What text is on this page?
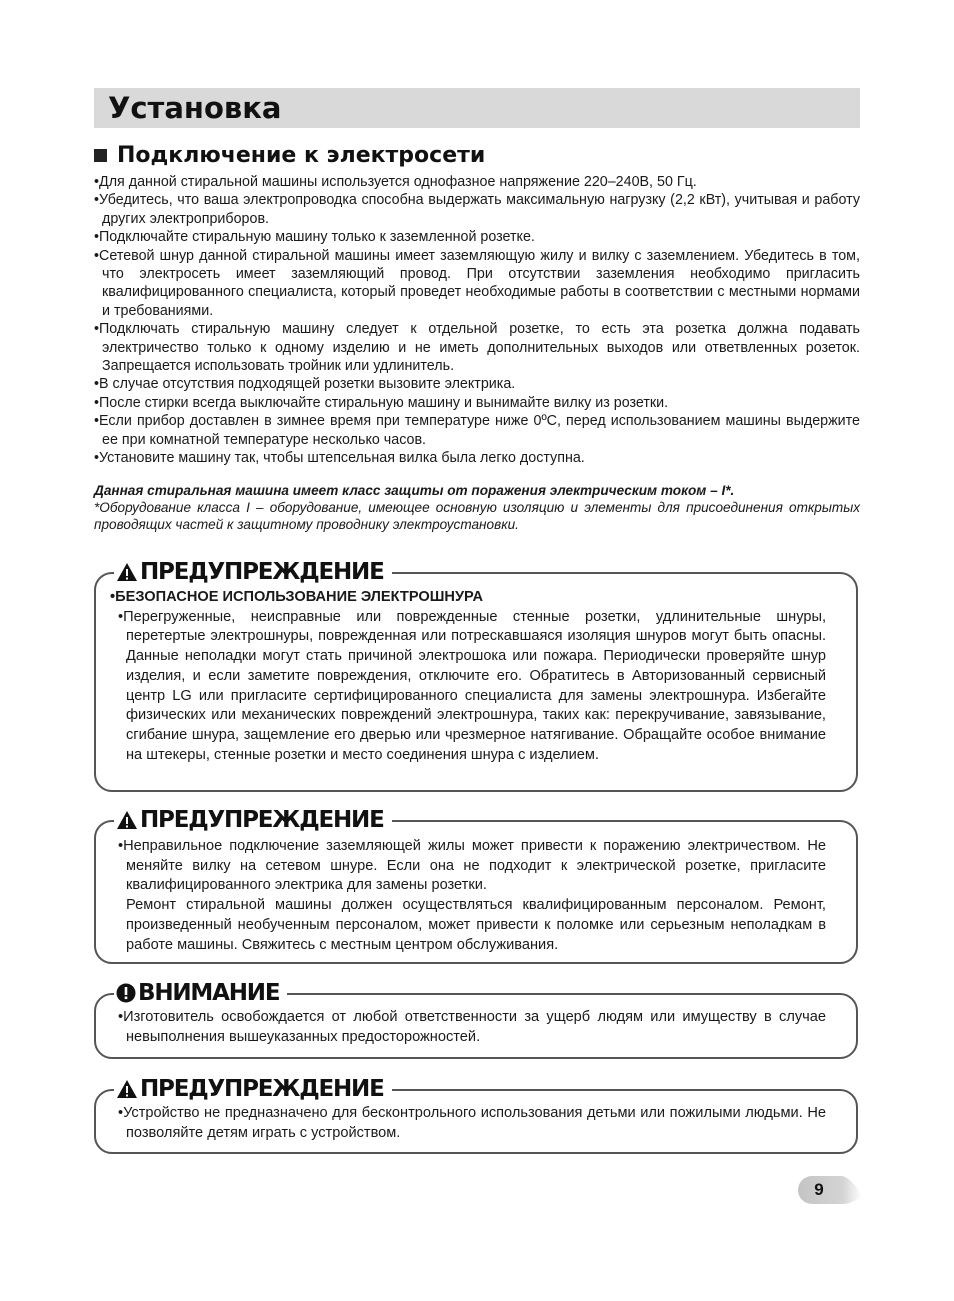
Установка
Подключение к электросети

• Для данной стиральной машины используется однофазное напряжение 220–240В, 50 Гц.

• Убедитесь, что ваша электропроводка способна выдержать максимальную нагрузку (2,2 кВт), учитывая и работу других электроприборов.

• Подключайте стиральную машину только к заземленной розетке.

• Сетевой шнур данной стиральной машины имеет заземляющую жилу и вилку с заземлением. Убедитесь в том, что электросеть имеет заземляющий провод. При отсутствии заземления необходимо пригласить квалифицированного специалиста, который проведет необходимые работы в соответствии с местными нормами и требованиями.

• Подключать стиральную машину следует к отдельной розетке, то есть эта розетка должна подавать электричество только к одному изделию и не иметь дополнительных выходов или ответвленных розеток. Запрещается использовать тройник или удлинитель.

• В случае отсутствия подходящей розетки вызовите электрика.

• После стирки всегда выключайте стиральную машину и вынимайте вилку из розетки.

• Если прибор доставлен в зимнее время при температуре ниже 0ºC, перед использованием машины выдержите ее при комнатной температуре несколько часов.

• Установите машину так, чтобы штепсельная вилка была легко доступна.

Данная стиральная машина имеет класс защиты от поражения электрическим током – I*.

*Оборудование класса I – оборудование, имеющее основную изоляцию и элементы для присоединения открытых проводящих частей к защитному проводнику электроустановки.

ПРЕДУПРЕЖДЕНИЕ

• БЕЗОПАСНОЕ ИСПОЛЬЗОВАНИЕ ЭЛЕКТРОШНУРА

• Перегруженные, неисправные или поврежденные стенные розетки, удлинительные шнуры, перетертые электрошнуры, поврежденная или потрескавшаяся изоляция шнуров могут быть опасны. Данные неполадки могут стать причиной электрошока или пожара. Периодически проверяйте шнур изделия, и если заметите повреждения, отключите его. Обратитесь в Авторизованный сервисный центр LG или пригласите сертифицированного специалиста для замены электрошнура. Избегайте физических или механических повреждений электрошнура, таких как: перекручивание, завязывание, сгибание шнура, защемление его дверью или чрезмерное натягивание. Обращайте особое внимание на штекеры, стенные розетки и место соединения шнура с изделием.

ПРЕДУПРЕЖДЕНИЕ

• Неправильное подключение заземляющей жилы может привести к поражению электричеством. Не меняйте вилку на сетевом шнуре. Если она не подходит к электрической розетке, пригласите квалифицированного электрика для замены розетки.

Ремонт стиральной машины должен осуществляться квалифицированным персоналом. Ремонт, произведенный необученным персоналом, может привести к поломке или серьезным неполадкам в работе машины. Свяжитесь с местным центром обслуживания.

ВНИМАНИЕ

• Изготовитель освобождается от любой ответственности за ущерб людям или имуществу в случае невыполнения вышеуказанных предосторожностей.

ПРЕДУПРЕЖДЕНИЕ

• Устройство не предназначено для бесконтрольного использования детьми или пожилыми людьми. Не позволяйте детям играть с устройством.

9
